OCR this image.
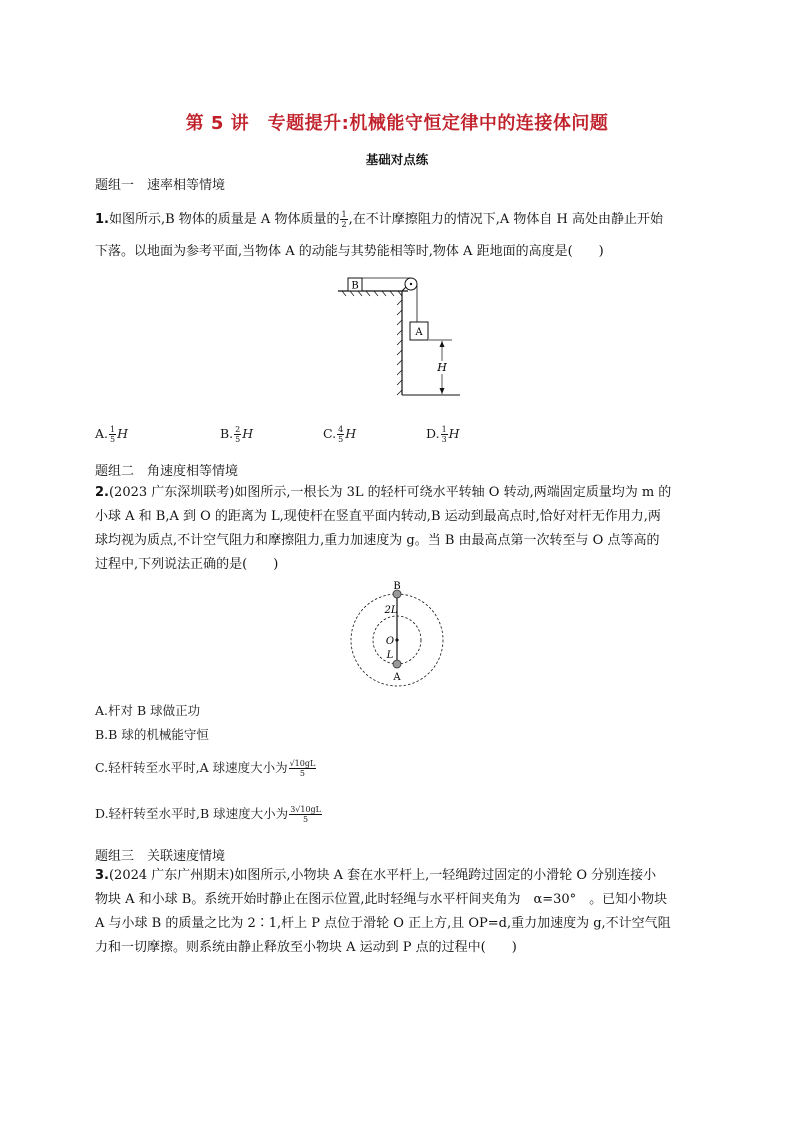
第 5 讲　专题提升:机械能守恒定律中的连接体问题
基础对点练
题组一　速率相等情境
1.如图所示,B 物体的质量是 A 物体质量的 $\frac{1}{2}$ ,在不计摩擦阻力的情况下,A 物体自 H 高处由静止开始
下落。以地面为参考平面,当物体 A 的动能与其势能相等时,物体 A 距地面的高度是(　　)
B
A
H
A. $\frac{1}{5}$ H	B. $\frac{2}{5}$ H	C. $\frac{4}{5}$ H	D. $\frac{1}{3}$ H
题组二　角速度相等情境
2.(2023 广东深圳联考)如图所示,一根长为 3L 的轻杆可绕水平转轴 O 转动,两端固定质量均为 m 的
小球 A 和 B,A 到 O 的距离为 L,现使杆在竖直平面内转动,B 运动到最高点时,恰好对杆无作用力,两
球均视为质点,不计空气阻力和摩擦阻力,重力加速度为 g。当 B 由最高点第一次转至与 O 点等高的
过程中,下列说法正确的是(　　)
B
2L
O
L
A
A.杆对 B 球做正功
B.B 球的机械能守恒
C.轻杆转至水平时,A 球速度大小为 $\frac{√10gL}{5}$
D.轻杆转至水平时,B 球速度大小为 $\frac{3√10gL}{5}$
题组三　关联速度情境
3.(2024 广东广州期末)如图所示,小物块 A 套在水平杆上,一轻绳跨过固定的小滑轮 O 分别连接小
物块 A 和小球 B。系统开始时静止在图示位置,此时轻绳与水平杆间夹角为　α=30°　。已知小物块
A 与小球 B 的质量之比为 2∶1,杆上 P 点位于滑轮 O 正上方,且 OP=d,重力加速度为 g,不计空气阻
力和一切摩擦。则系统由静止释放至小物块 A 运动到 P 点的过程中(　　)
